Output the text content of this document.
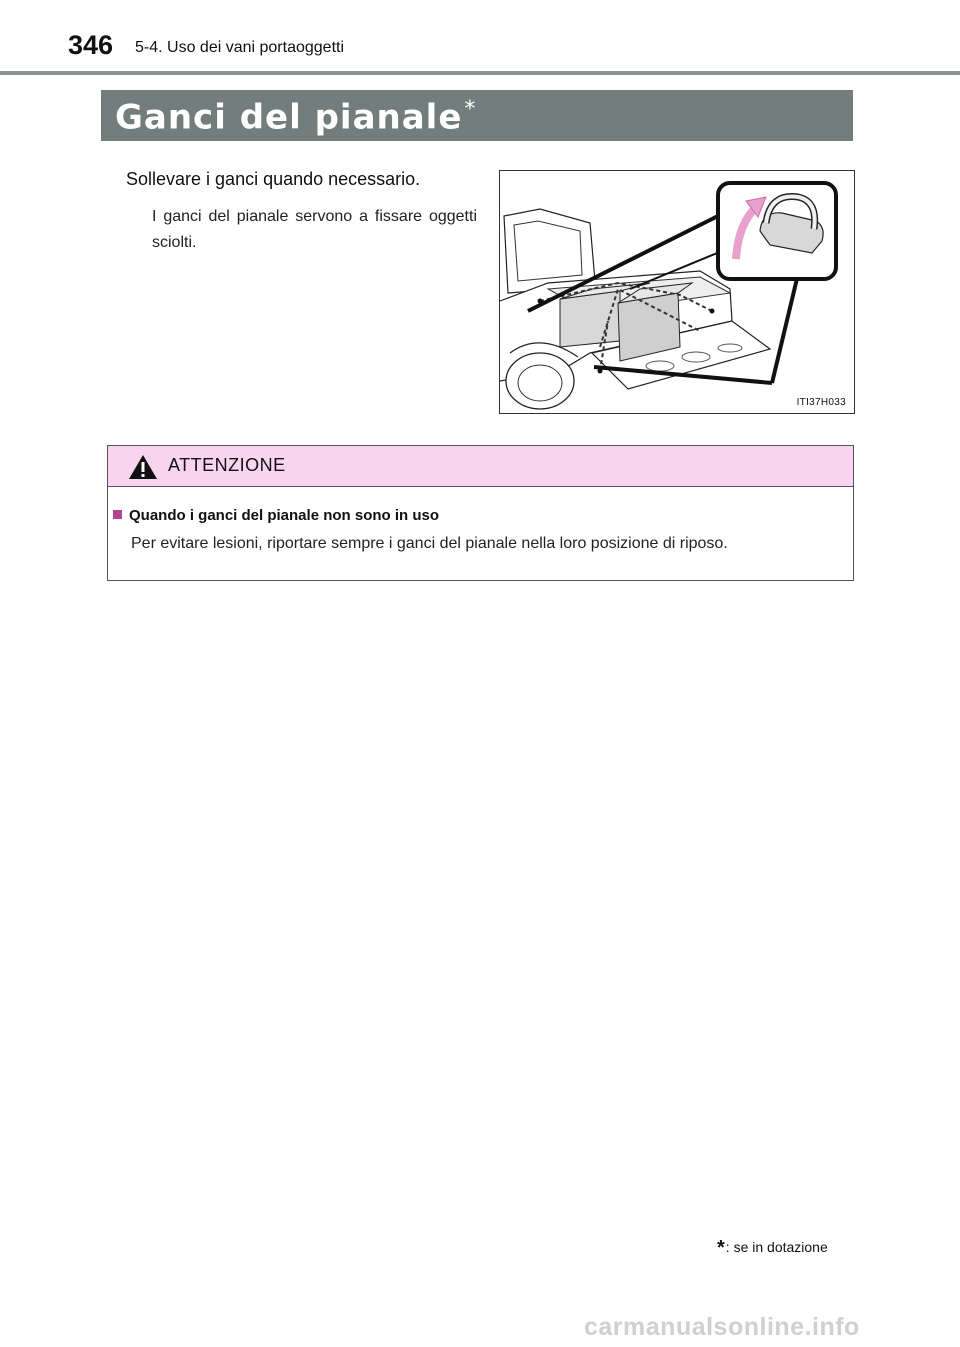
346 5-4. Uso dei vani portaoggetti
Ganci del pianale*
Sollevare i ganci quando necessario.
I ganci del pianale servono a fissare oggetti sciolti.
ITI37H033
ATTENZIONE
Quando i ganci del pianale non sono in uso
Per evitare lesioni, riportare sempre i ganci del pianale nella loro posizione di riposo.
*: se in dotazione
carmanualsonline.info
